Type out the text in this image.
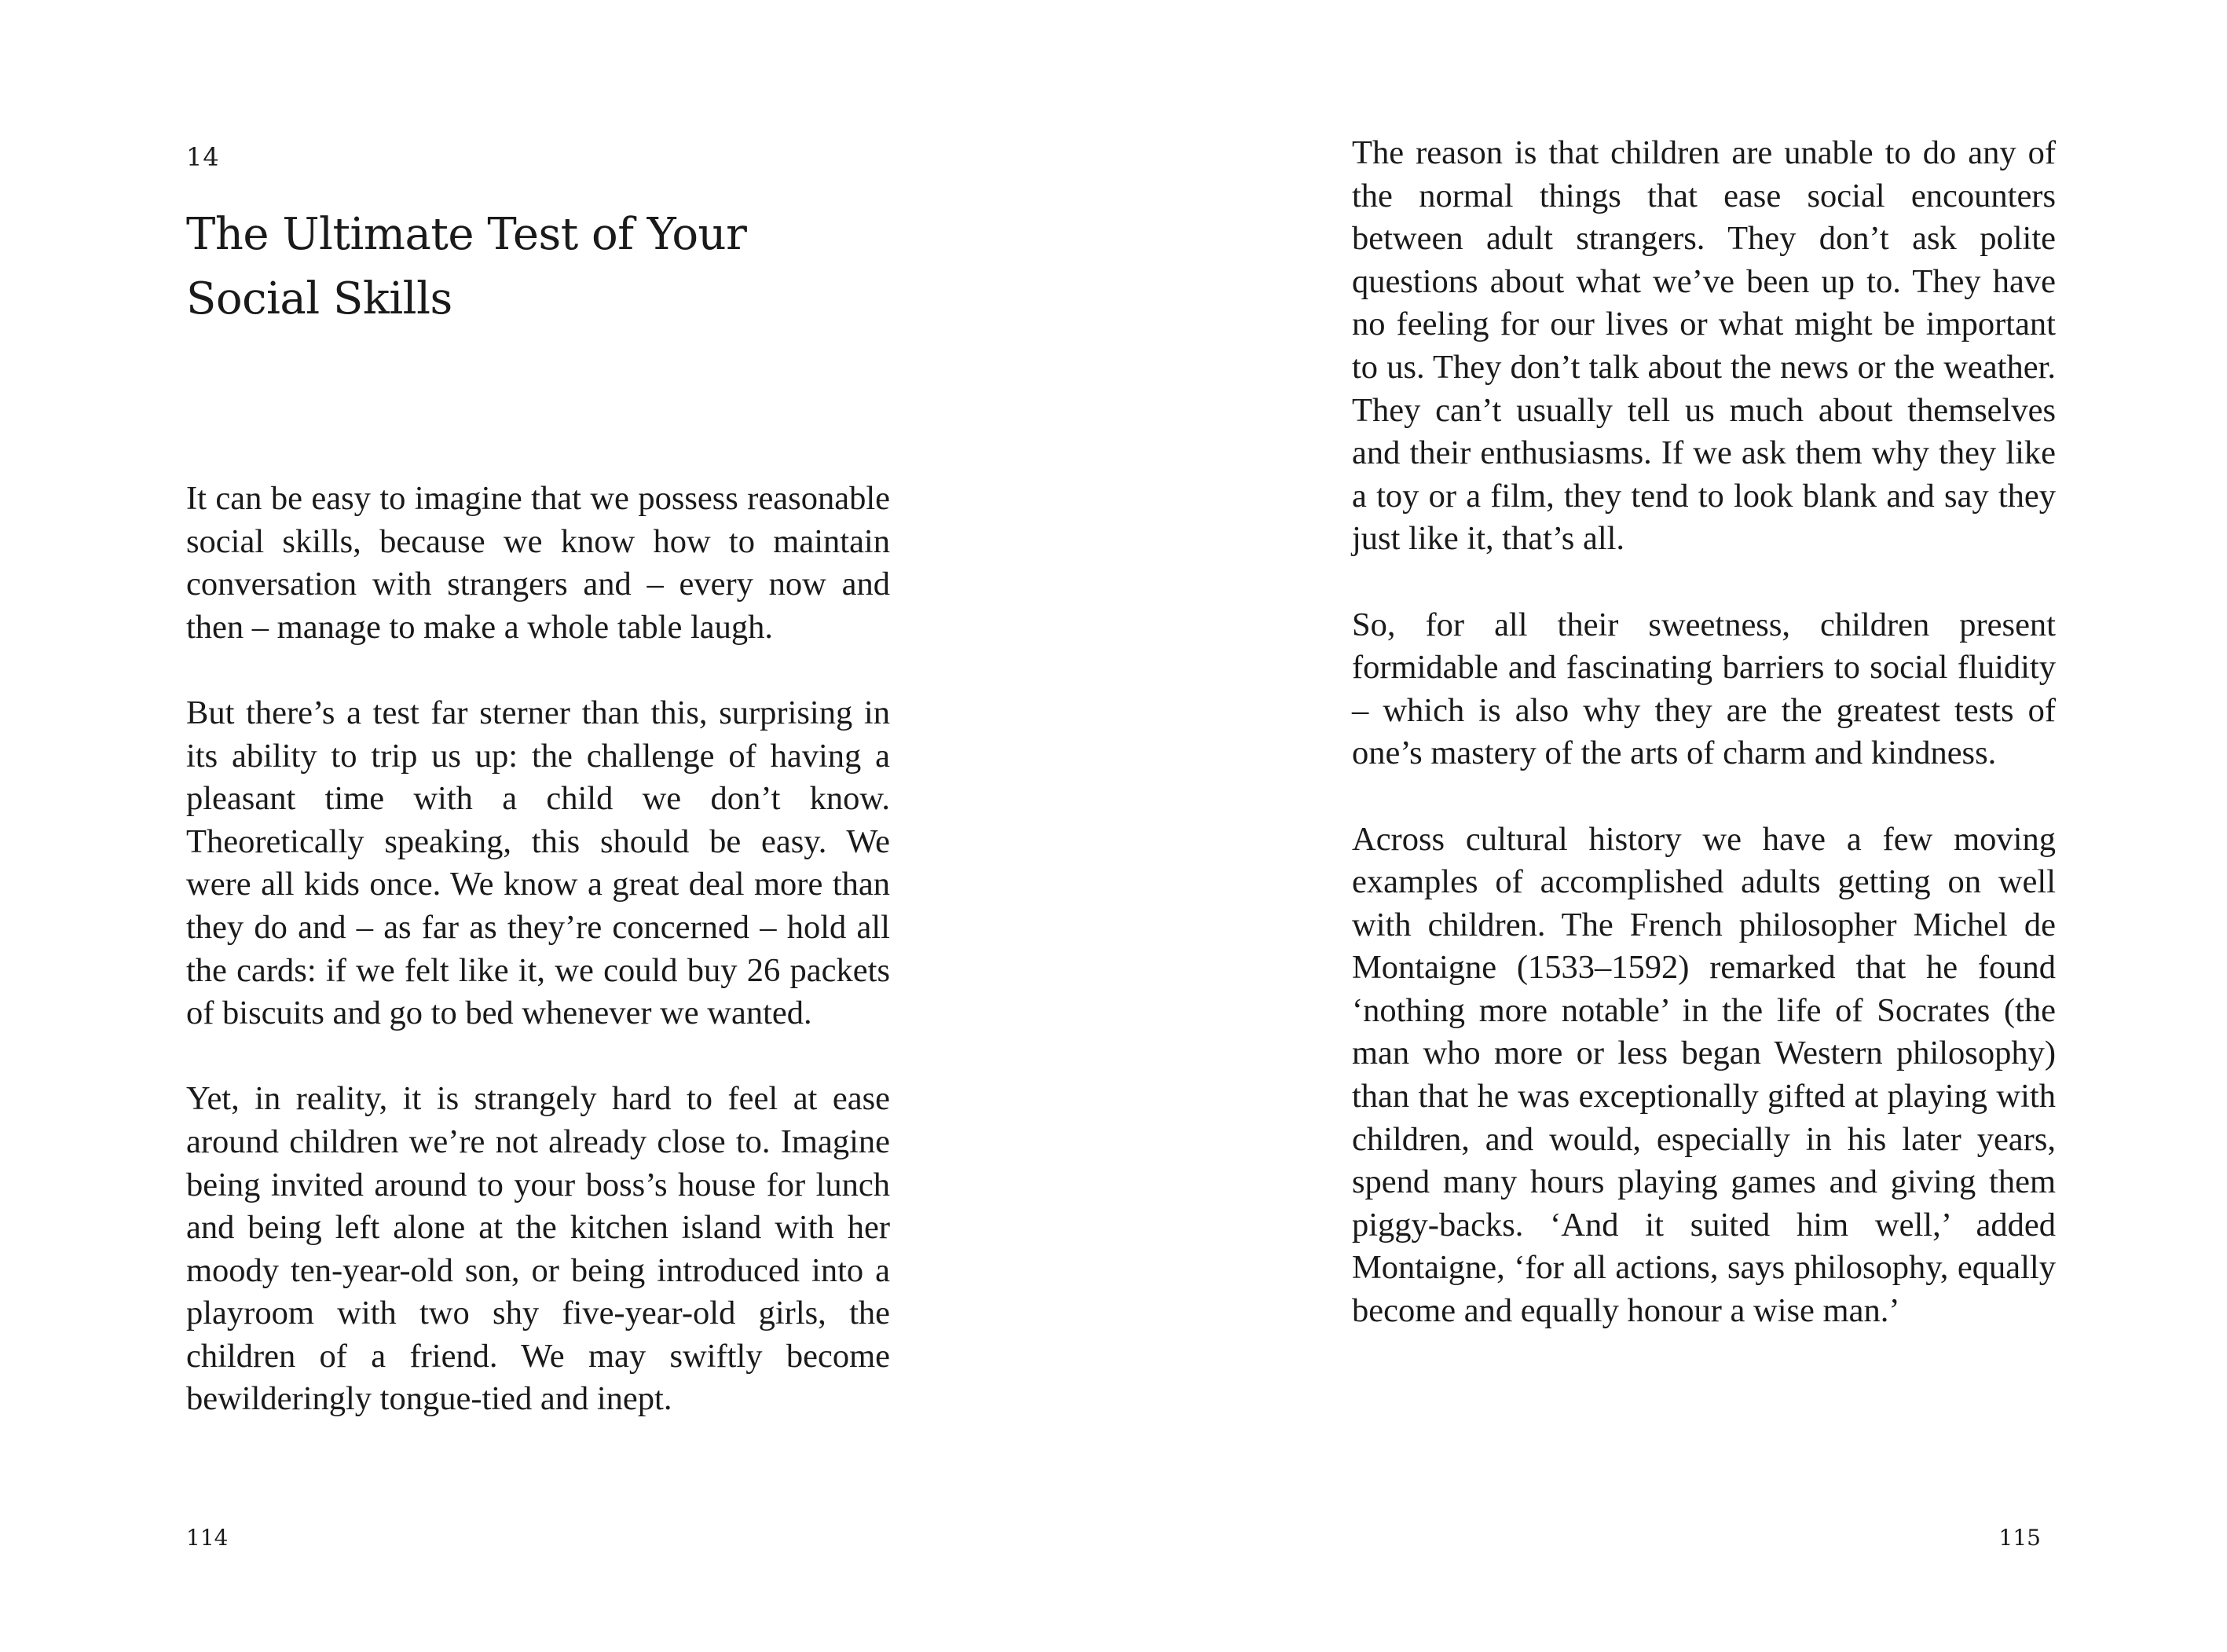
14
The Ultimate Test of Your Social Skills

It can be easy to imagine that we possess reasonable social skills, because we know how to maintain conversation with strangers and – every now and then – manage to make a whole table laugh.

But there’s a test far sterner than this, surprising in its ability to trip us up: the challenge of having a pleasant time with a child we don’t know. Theoretically speaking, this should be easy. We were all kids once. We know a great deal more than they do and – as far as they’re concerned – hold all the cards: if we felt like it, we could buy 26 packets of biscuits and go to bed whenever we wanted.

Yet, in reality, it is strangely hard to feel at ease around children we’re not already close to. Imagine being invited around to your boss’s house for lunch and being left alone at the kitchen island with her moody ten-year-old son, or being introduced into a playroom with two shy five-year-old girls, the children of a friend. We may swiftly become bewilderingly tongue-tied and inept.

114

The reason is that children are unable to do any of the normal things that ease social encounters between adult strangers. They don’t ask polite questions about what we’ve been up to. They have no feeling for our lives or what might be important to us. They don’t talk about the news or the weather. They can’t usually tell us much about themselves and their enthusiasms. If we ask them why they like a toy or a film, they tend to look blank and say they just like it, that’s all.

So, for all their sweetness, children present formidable and fascinating barriers to social fluidity – which is also why they are the greatest tests of one’s mastery of the arts of charm and kindness.

Across cultural history we have a few moving examples of accomplished adults getting on well with children. The French philosopher Michel de Montaigne (1533–1592) remarked that he found ‘nothing more notable’ in the life of Socrates (the man who more or less began Western philosophy) than that he was exceptionally gifted at playing with children, and would, especially in his later years, spend many hours playing games and giving them piggy-backs. ‘And it suited him well,’ added Montaigne, ‘for all actions, says philosophy, equally become and equally honour a wise man.’

115
